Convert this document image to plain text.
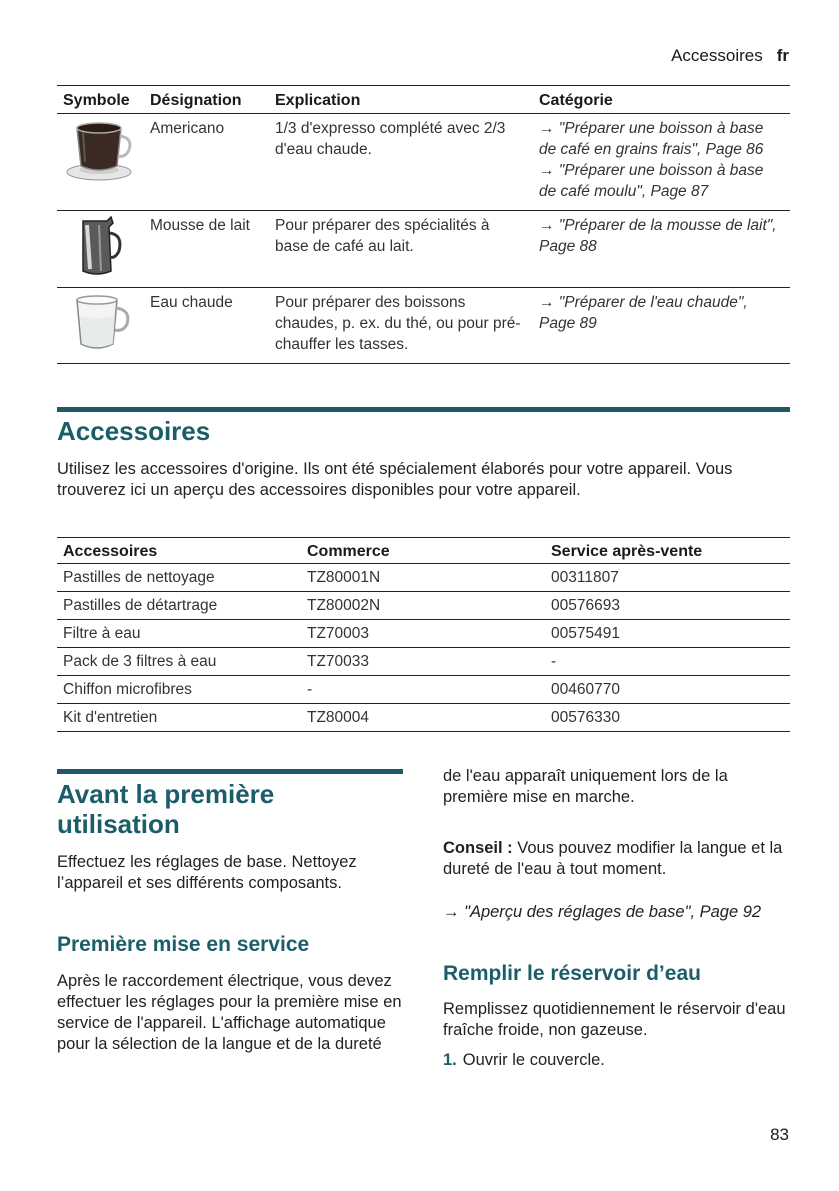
Accessoires fr
Symbole	Désignation	Explication	Catégorie

	Americano	1/3 d'expresso complété avec 2/3 d'eau chaude.	→ "Préparer une boisson à base de café en grains frais", Page 86
→ "Préparer une boisson à base de café moulu", Page 87

	Mousse de lait	Pour préparer des spécialités à base de café au lait.	→ "Préparer de la mousse de lait", Page 88

	Eau chaude	Pour préparer des boissons chaudes, p. ex. du thé, ou pour pré-chauffer les tasses.	→ "Préparer de l'eau chaude", Page 89
Accessoires

Utilisez les accessoires d'origine. Ils ont été spécialement élaborés pour votre appareil. Vous trouverez ici un aperçu des accessoires disponibles pour votre appareil.

Accessoires	Commerce	Service après-vente
Pastilles de nettoyage	TZ80001N	00311807
Pastilles de détartrage	TZ80002N	00576693
Filtre à eau	TZ70003	00575491
Pack de 3 filtres à eau	TZ70033	-
Chiffon microfibres	-	00460770
Kit d'entretien	TZ80004	00576330
Avant la première utilisation

Effectuez les réglages de base. Nettoyez l’appareil et ses différents composants.

Première mise en service
Après le raccordement électrique, vous devez effectuer les réglages pour la première mise en service de l'appareil. L'affichage automatique pour la sélection de la langue et de la dureté
de l'eau apparaît uniquement lors de la première mise en marche.

Conseil : Vous pouvez modifier la langue et la dureté de l'eau à tout moment.

→ "Aperçu des réglages de base", Page 92

Remplir le réservoir d’eau

Remplissez quotidiennement le réservoir d'eau fraîche froide, non gazeuse.

1. Ouvrir le couvercle.

83
